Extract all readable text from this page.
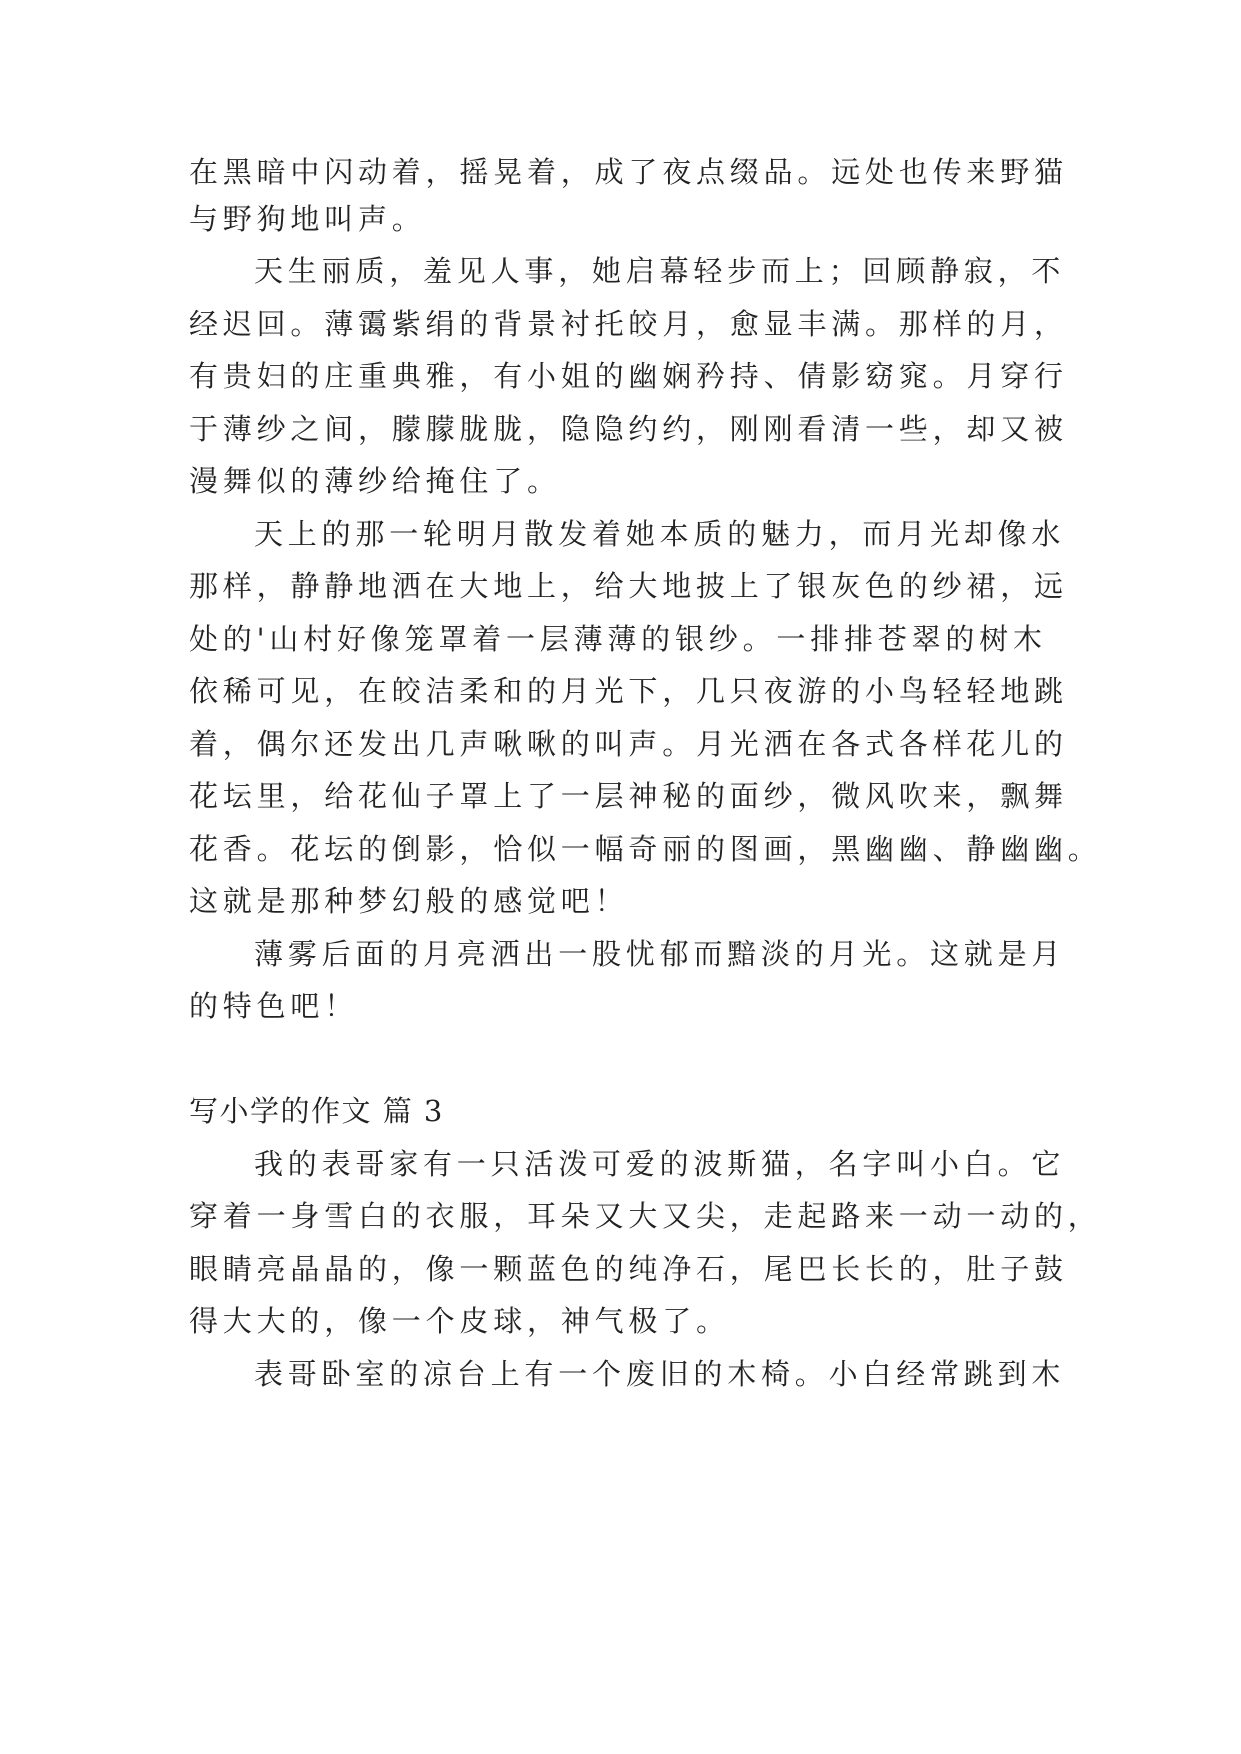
在黑暗中闪动着，摇晃着，成了夜点缀品。远处也传来野猫
与野狗地叫声。
天生丽质，羞见人事，她启幕轻步而上；回顾静寂，不
经迟回。薄霭紫绢的背景衬托皎月，愈显丰满。那样的月，
有贵妇的庄重典雅，有小姐的幽娴矜持、倩影窈窕。月穿行
于薄纱之间，朦朦胧胧，隐隐约约，刚刚看清一些，却又被
漫舞似的薄纱给掩住了。
天上的那一轮明月散发着她本质的魅力，而月光却像水
那样，静静地洒在大地上，给大地披上了银灰色的纱裙，远
处的'山村好像笼罩着一层薄薄的银纱。一排排苍翠的树木
依稀可见，在皎洁柔和的月光下，几只夜游的小鸟轻轻地跳
着，偶尔还发出几声啾啾的叫声。月光洒在各式各样花儿的
花坛里，给花仙子罩上了一层神秘的面纱，微风吹来，飘舞
花香。花坛的倒影，恰似一幅奇丽的图画，黑幽幽、静幽幽。
这就是那种梦幻般的感觉吧！
薄雾后面的月亮洒出一股忧郁而黯淡的月光。这就是月
的特色吧！
写小学的作文 篇 3
我的表哥家有一只活泼可爱的波斯猫，名字叫小白。它
穿着一身雪白的衣服，耳朵又大又尖，走起路来一动一动的，
眼睛亮晶晶的，像一颗蓝色的纯净石，尾巴长长的，肚子鼓
得大大的，像一个皮球，神气极了。
表哥卧室的凉台上有一个废旧的木椅。小白经常跳到木
